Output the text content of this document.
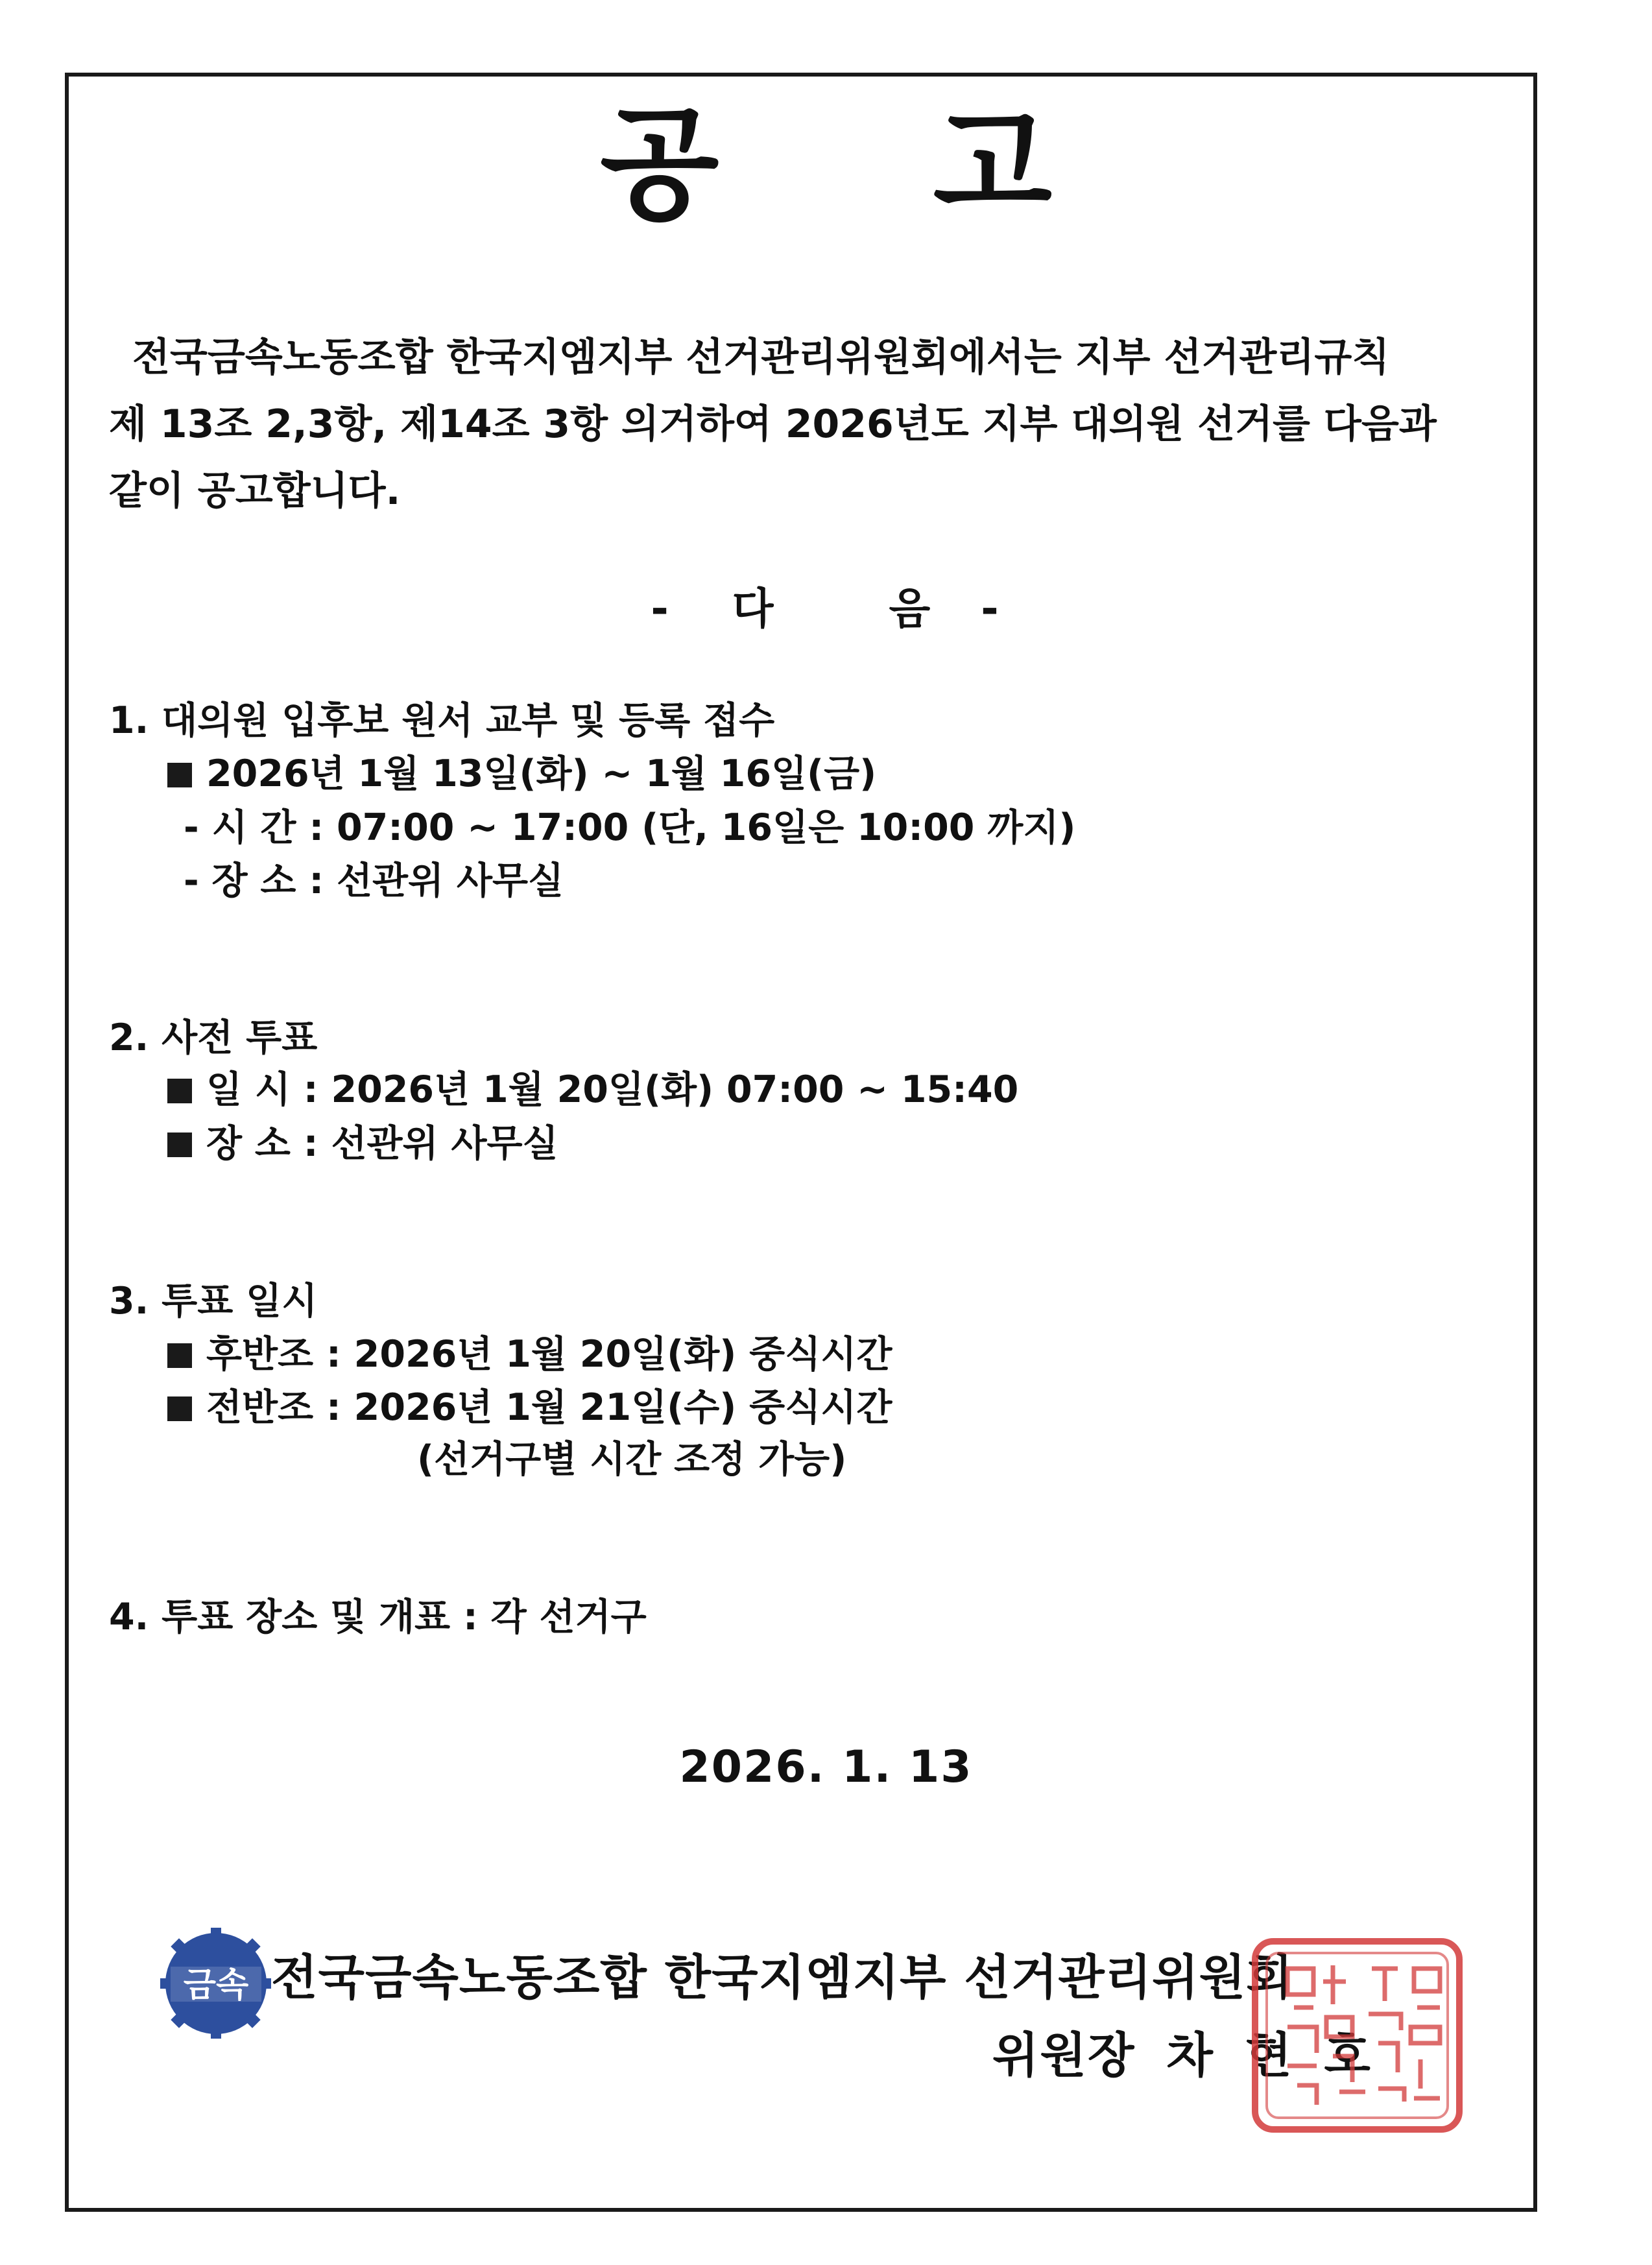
공 고
전국금속노동조합 한국지엠지부 선거관리위원회에서는 지부 선거관리규칙
제 13조 2,3항, 제14조 3항 의거하여 2026년도 지부 대의원 선거를 다음과
같이 공고합니다.
- 다	음 -
1. 대의원 입후보 원서 교부 및 등록 접수
2026년 1월 13일(화) ~ 1월 16일(금)
- 시 간 : 07:00 ~ 17:00 (단, 16일은 10:00 까지)
- 장 소 : 선관위 사무실
2. 사전 투표
일 시 : 2026년 1월 20일(화) 07:00 ~ 15:40
장 소 : 선관위 사무실
3. 투표 일시
후반조 : 2026년 1월 20일(화) 중식시간
전반조 : 2026년 1월 21일(수) 중식시간
(선거구별 시간 조정 가능)
4. 투표 장소 및 개표 : 각 선거구
2026. 1. 13
금속 전국금속노동조합 한국지엠지부 선거관리위원회
위원장 차 현 호
